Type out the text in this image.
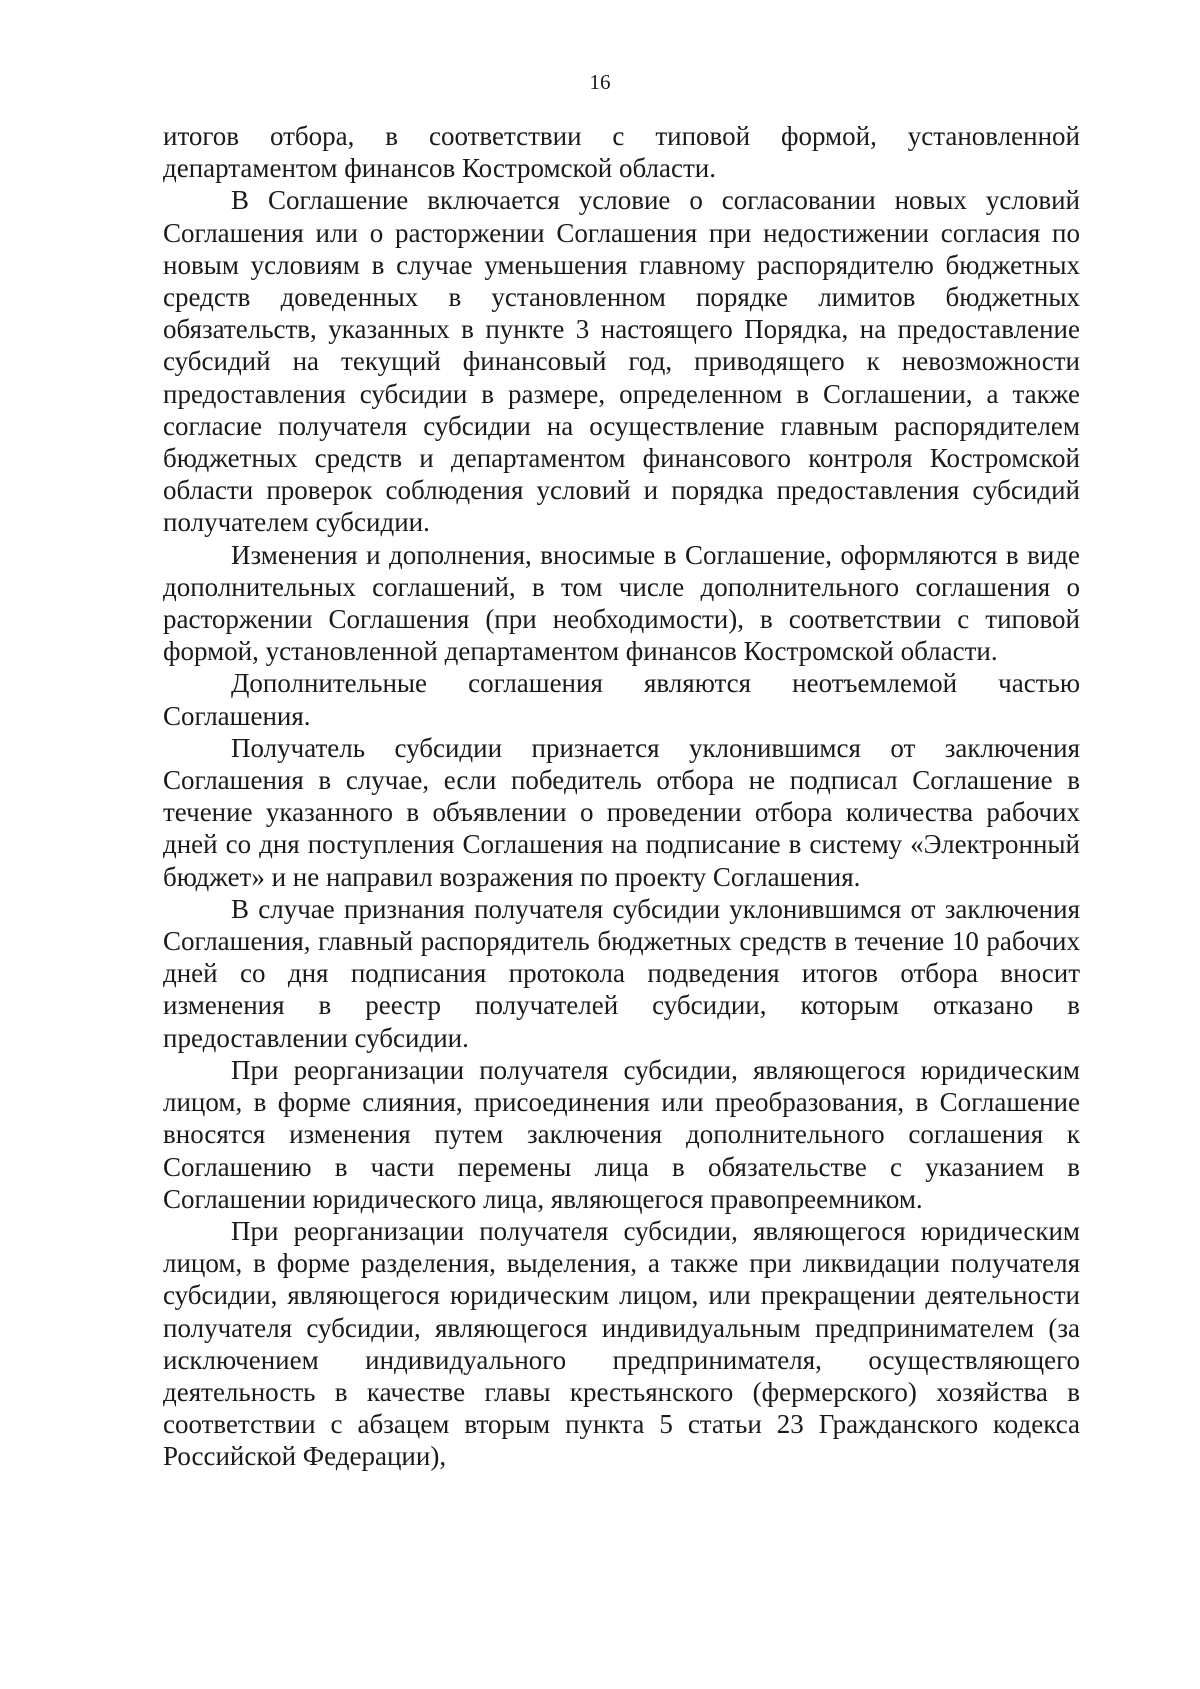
16

итогов отбора, в соответствии с типовой формой, установленной департаментом финансов Костромской области.

В Соглашение включается условие о согласовании новых условий Соглашения или о расторжении Соглашения при недостижении согласия по новым условиям в случае уменьшения главному распорядителю бюджетных средств доведенных в установленном порядке лимитов бюджетных обязательств, указанных в пункте 3 настоящего Порядка, на предоставление субсидий на текущий финансовый год, приводящего к невозможности предоставления субсидии в размере, определенном в Соглашении, а также согласие получателя субсидии на осуществление главным распорядителем бюджетных средств и департаментом финансового контроля Костромской области проверок соблюдения условий и порядка предоставления субсидий получателем субсидии.

Изменения и дополнения, вносимые в Соглашение, оформляются в виде дополнительных соглашений, в том числе дополнительного соглашения о расторжении Соглашения (при необходимости), в соответствии с типовой формой, установленной департаментом финансов Костромской области.

Дополнительные соглашения являются неотъемлемой частью Соглашения.

Получатель субсидии признается уклонившимся от заключения Соглашения в случае, если победитель отбора не подписал Соглашение в течение указанного в объявлении о проведении отбора количества рабочих дней со дня поступления Соглашения на подписание в систему «Электронный бюджет» и не направил возражения по проекту Соглашения.

В случае признания получателя субсидии уклонившимся от заключения Соглашения, главный распорядитель бюджетных средств в течение 10 рабочих дней со дня подписания протокола подведения итогов отбора вносит изменения в реестр получателей субсидии, которым отказано в предоставлении субсидии.

При реорганизации получателя субсидии, являющегося юридическим лицом, в форме слияния, присоединения или преобразования, в Соглашение вносятся изменения путем заключения дополнительного соглашения к Соглашению в части перемены лица в обязательстве с указанием в Соглашении юридического лица, являющегося правопреемником.

При реорганизации получателя субсидии, являющегося юридическим лицом, в форме разделения, выделения, а также при ликвидации получателя субсидии, являющегося юридическим лицом, или прекращении деятельности получателя субсидии, являющегося индивидуальным предпринимателем (за исключением индивидуального предпринимателя, осуществляющего деятельность в качестве главы крестьянского (фермерского) хозяйства в соответствии с абзацем вторым пункта 5 статьи 23 Гражданского кодекса Российской Федерации),
